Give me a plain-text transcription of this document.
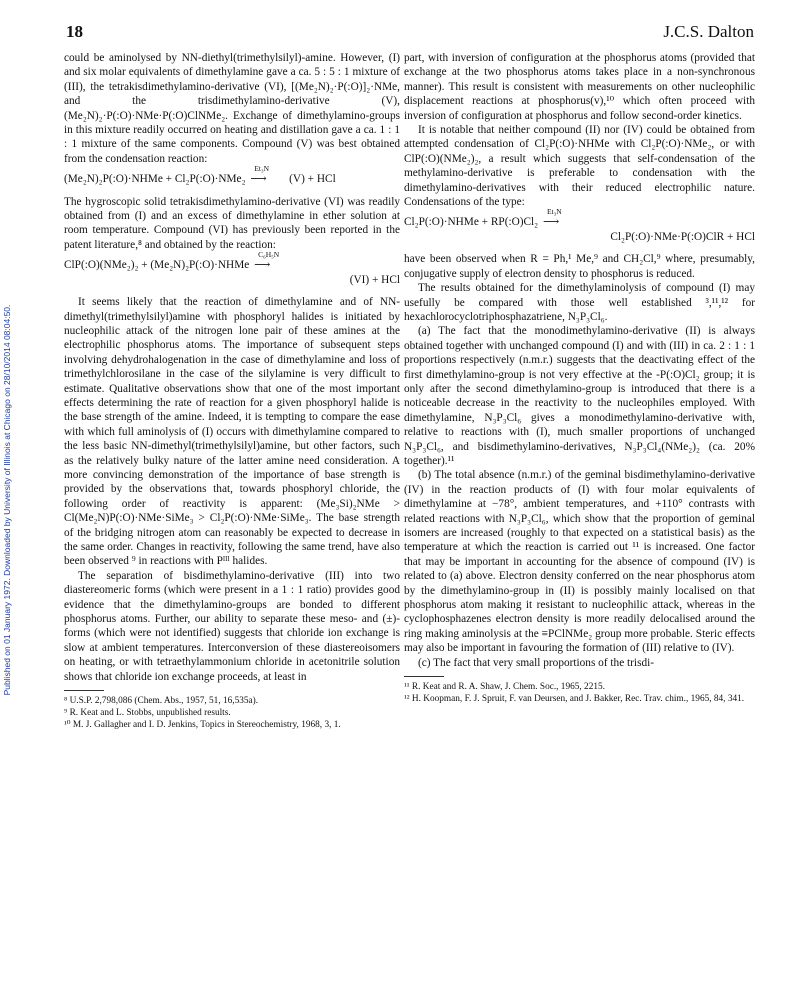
18	J.C.S. Dalton
Published on 01 January 1972. Downloaded by University of Illinois at Chicago on 28/10/2014 08:04:50.

could be aminolysed by NN-diethyl(trimethylsilyl)-amine. However, (I) and six molar equivalents of dimethylamine gave a ca. 5 : 5 : 1 mixture of (III), the tetrakisdimethylamino-derivative (VI), [(Me₂N)₂·P(:O)]₂·NMe, and the trisdimethylamino-derivative (V), (Me₂N)₂·P(:O)·NMe·P(:O)ClNMe₂. Exchange of dimethylamino-groups in this mixture readily occurred on heating and distillation gave a ca. 1 : 1 : 1 mixture of the same components. Compound (V) was best obtained from the condensation reaction:

(Me₂N)₂P(:O)·NHMe + Cl₂P(:O)·NMe₂
Et₃N
⟶ (V) + HCl

The hygroscopic solid tetrakisdimethylamino-derivative (VI) was readily obtained from (I) and an excess of dimethylamine in ether solution at room temperature. Compound (VI) has previously been reported in the patent literature,⁸ and obtained by the reaction:

ClP(:O)(NMe₂)₂ + (Me₂N)₂P(:O)·NHMe
C₆H₅N
⟶
(VI) + HCl

It seems likely that the reaction of dimethylamine and of NN-dimethyl(trimethylsilyl)amine with phosphoryl halides is initiated by nucleophilic attack of the nitrogen lone pair of these amines at the electrophilic phosphorus atoms. The importance of subsequent steps involving dehydrohalogenation in the case of dimethylamine and loss of trimethylchlorosilane in the case of the silylamine is very difficult to estimate. Qualitative observations show that one of the most important effects determining the rate of reaction for a given phosphoryl halide is the base strength of the amine. Indeed, it is tempting to compare the ease with which full aminolysis of (I) occurs with dimethylamine compared to the less basic NN-dimethyl(trimethylsilyl)amine, but other factors, such as the relatively bulky nature of the latter amine need consideration. A more convincing demonstration of the importance of base strength is provided by the observations that, towards phosphoryl chloride, the following order of reactivity is apparent: (Me₃Si)₂NMe > Cl(Me₂N)P(:O)·NMe·SiMe₃ > Cl₂P(:O)·NMe·SiMe₃. The base strength of the bridging nitrogen atom can reasonably be expected to decrease in the same order. Changes in reactivity, following the same trend, have also been observed ⁹ in reactions with Pᴵᴵᴵ halides.

The separation of bisdimethylamino-derivative (III) into two diastereomeric forms (which were present in a 1 : 1 ratio) provides good evidence that the dimethylamino-groups are bonded to different phosphorus atoms. Further, our ability to separate these meso- and (±)-forms (which were not identified) suggests that chloride ion exchange is slow at ambient temperatures. Interconversion of these diastereoisomers on heating, or with tetraethylammonium chloride in acetonitrile solution shows that chloride ion exchange proceeds, at least in

⁸ U.S.P. 2,798,086 (Chem. Abs., 1957, 51, 16,535a).

⁹ R. Keat and L. Stobbs, unpublished results.

¹⁰ M. J. Gallagher and I. D. Jenkins, Topics in Stereochemistry, 1968, 3, 1.

part, with inversion of configuration at the phosphorus atoms (provided that exchange at the two phosphorus atoms takes place in a non-synchronous manner). This result is consistent with measurements on other nucleophilic displacement reactions at phosphorus(v),¹⁰ which often proceed with inversion of configuration at phosphorus and follow second-order kinetics.

It is notable that neither compound (II) nor (IV) could be obtained from attempted condensation of Cl₂P(:O)·NHMe with Cl₂P(:O)·NMe₂, or with ClP(:O)(NMe₂)₂, a result which suggests that self-condensation of the methylamino-derivative is preferable to condensation with the dimethylamino-derivatives with their reduced electrophilic nature. Condensations of the type:

Cl₂P(:O)·NHMe + RP(:O)Cl₂
Et₃N
⟶
Cl₂P(:O)·NMe·P(:O)ClR + HCl

have been observed when R = Ph,¹ Me,⁹ and CH₂Cl,⁹ where, presumably, conjugative supply of electron density to phosphorus is reduced.

The results obtained for the dimethylaminolysis of compound (I) may usefully be compared with those well established ³,¹¹,¹² for hexachlorocyclotriphosphazatriene, N₃P₃Cl₆.

(a) The fact that the monodimethylamino-derivative (II) is always obtained together with unchanged compound (I) and with (III) in ca. 2 : 1 : 1 proportions respectively (n.m.r.) suggests that the deactivating effect of the first dimethylamino-group is not very effective at the -P(:O)Cl₂ group; it is only after the second dimethylamino-group is introduced that there is a noticeable decrease in the reactivity to the nucleophiles employed. With dimethylamine, N₃P₃Cl₆ gives a monodimethylamino-derivative with, relative to reactions with (I), much smaller proportions of unchanged N₃P₃Cl₆, and bisdimethylamino-derivatives, N₃P₃Cl₄(NMe₂)₂ (ca. 20% together).¹¹

(b) The total absence (n.m.r.) of the geminal bisdimethylamino-derivative (IV) in the reaction products of (I) with four molar equivalents of dimethylamine at −78°, ambient temperatures, and +110° contrasts with related reactions with N₃P₃Cl₆, which show that the proportion of geminal isomers are increased (roughly to that expected on a statistical basis) as the temperature at which the reaction is carried out ¹¹ is increased. One factor that may be important in accounting for the absence of compound (IV) is related to (a) above. Electron density conferred on the near phosphorus atom by the dimethylamino-group in (II) is possibly mainly localised on that phosphorus atom making it resistant to nucleophilic attack, whereas in the cyclophosphazenes electron density is more readily delocalised around the ring making aminolysis at the ≡PClNMe₂ group more probable. Steric effects may also be important in favouring the formation of (III) relative to (IV).

(c) The fact that very small proportions of the trisdi-

¹¹ R. Keat and R. A. Shaw, J. Chem. Soc., 1965, 2215.

¹² H. Koopman, F. J. Spruit, F. van Deursen, and J. Bakker, Rec. Trav. chim., 1965, 84, 341.
